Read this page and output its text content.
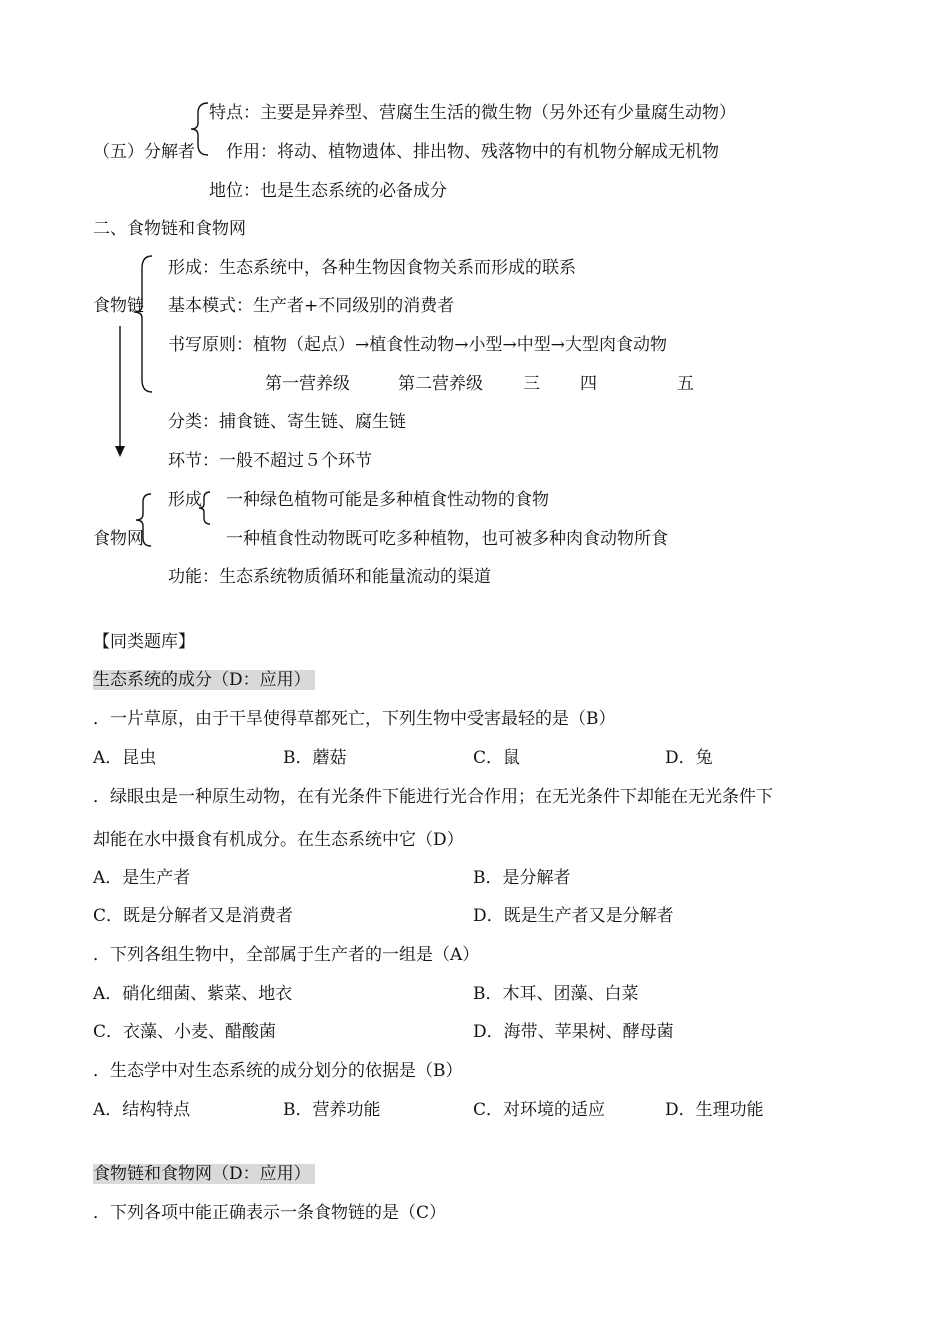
特点：主要是异养型、营腐生生活的微生物（另外还有少量腐生动物）
（五）分解者 作用：将动、植物遗体、排出物、残落物中的有机物分解成无机物
地位：也是生态系统的必备成分
二、食物链和食物网
食物链
形成：生态系统中，各种生物因食物关系而形成的联系
基本模式：生产者+不同级别的消费者
书写原则：植物（起点）→植食性动物→小型→中型→大型肉食动物
第一营养级	第二营养级 三 四	五
分类：捕食链、寄生链、腐生链
环节：一般不超过５个环节
形成 一种绿色植物可能是多种植食性动物的食物
食物网	一种植食性动物既可吃多种植物，也可被多种肉食动物所食
功能：生态系统物质循环和能量流动的渠道
【同类题库】
生态系统的成分（D：应用）
．一片草原，由于干旱使得草都死亡，下列生物中受害最轻的是（B）
A．昆虫	B．蘑菇	C．鼠	D．兔
．绿眼虫是一种原生动物，在有光条件下能进行光合作用；在无光条件下却能在无光条件下
却能在水中摄食有机成分。在生态系统中它（D）
A．是生产者	B．是分解者
C．既是分解者又是消费者	D．既是生产者又是分解者
．下列各组生物中，全部属于生产者的一组是（A）
A．硝化细菌、紫菜、地衣	B．木耳、团藻、白菜
C．衣藻、小麦、醋酸菌	D．海带、苹果树、酵母菌
．生态学中对生态系统的成分划分的依据是（B）
A．结构特点	B．营养功能	C．对环境的适应	D．生理功能
食物链和食物网（D：应用）
．下列各项中能正确表示一条食物链的是（C）
